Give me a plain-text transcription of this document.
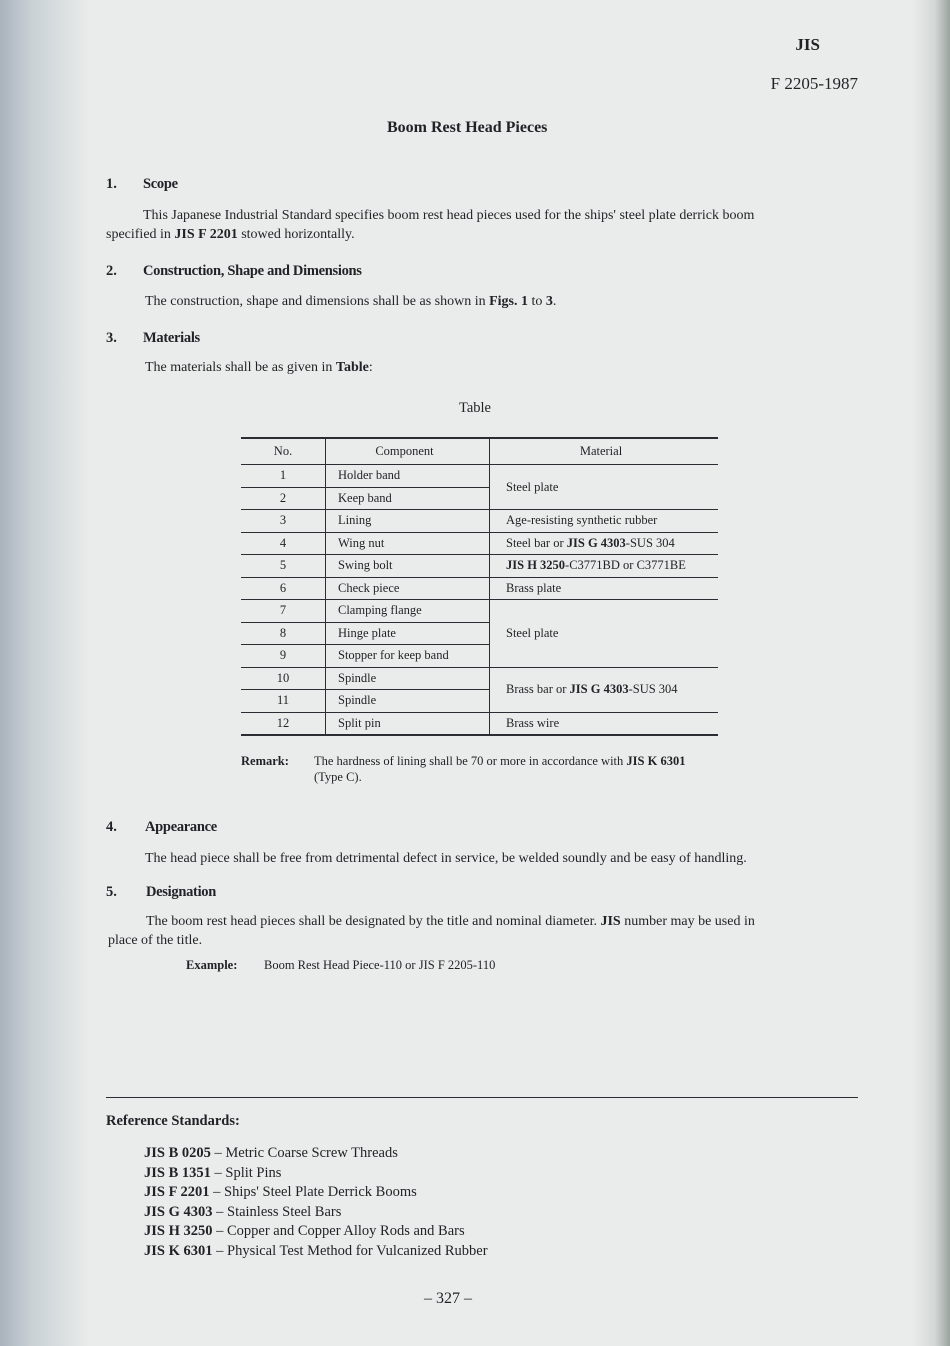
JIS
F 2205-1987
Boom Rest Head Pieces
1. Scope
This Japanese Industrial Standard specifies boom rest head pieces used for the ships' steel plate derrick boom
specified in JIS F 2201 stowed horizontally.
2. Construction, Shape and Dimensions
The construction, shape and dimensions shall be as shown in Figs. 1 to 3.
3. Materials
The materials shall be as given in Table:
Table
No.	Component	Material
1	Holder band	Steel plate
2	Keep band	
3	Lining	Age-resisting synthetic rubber
4	Wing nut	Steel bar or JIS G 4303-SUS 304
5	Swing bolt	JIS H 3250-C3771BD or C3771BE
6	Check piece	Brass plate
7	Clamping flange	Steel plate
8	Hinge plate	
9	Stopper for keep band	
10	Spindle	Brass bar or JIS G 4303-SUS 304
11	Spindle	
12	Split pin	Brass wire
Remark: The hardness of lining shall be 70 or more in accordance with JIS K 6301
(Type C).
4. Appearance
The head piece shall be free from detrimental defect in service, be welded soundly and be easy of handling.
5. Designation
The boom rest head pieces shall be designated by the title and nominal diameter. JIS number may be used in
place of the title.
Example: Boom Rest Head Piece-110 or JIS F 2205-110
Reference Standards:
JIS B 0205 – Metric Coarse Screw Threads
JIS B 1351 – Split Pins
JIS F 2201 – Ships' Steel Plate Derrick Booms
JIS G 4303 – Stainless Steel Bars
JIS H 3250 – Copper and Copper Alloy Rods and Bars
JIS K 6301 – Physical Test Method for Vulcanized Rubber
– 327 –
